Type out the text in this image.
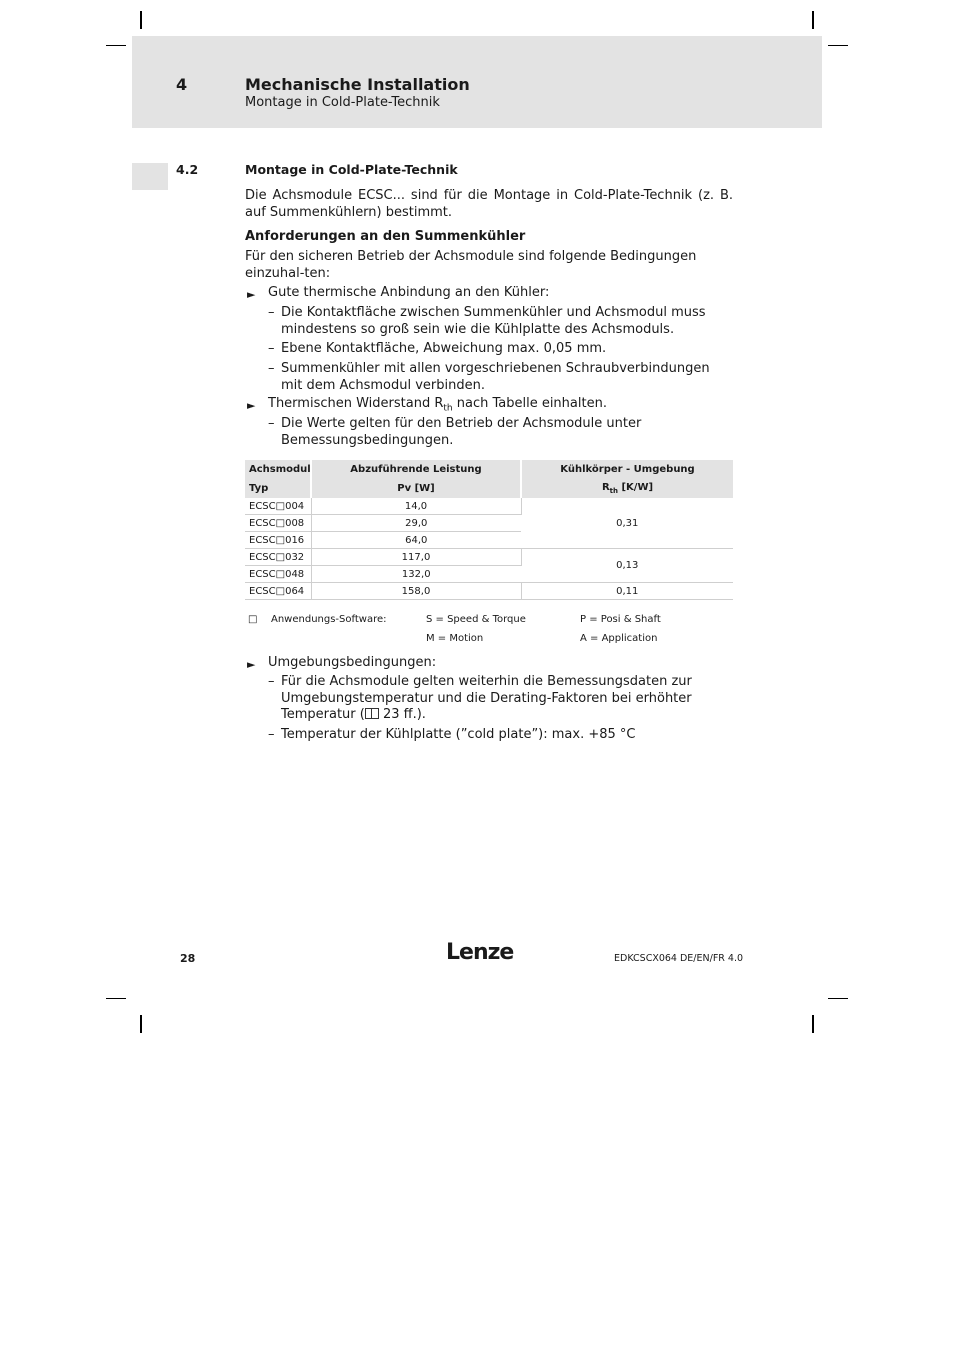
4	Mechanische Installation
Montage in Cold-Plate-Technik
4.2	Montage in Cold-Plate-Technik
Die Achsmodule ECSC... sind für die Montage in Cold-Plate-Technik (z. B. auf Summenkühlern) bestimmt.
Anforderungen an den Summenkühler
Für den sicheren Betrieb der Achsmodule sind folgende Bedingungen einzuhal-ten:
► Gute thermische Anbindung an den Kühler:
– Die Kontaktfläche zwischen Summenkühler und Achsmodul muss mindestens so groß sein wie die Kühlplatte des Achsmoduls.
– Ebene Kontaktfläche, Abweichung max. 0,05 mm.
– Summenkühler mit allen vorgeschriebenen Schraubverbindungen mit dem Achsmodul verbinden.
► Thermischen Widerstand $R_{th}$ nach Tabelle einhalten.
– Die Werte gelten für den Betrieb der Achsmodule unter Bemessungsbedingungen.
Achsmodul	Abzuführende Leistung	Kühlkörper - Umgebung
Typ	Pv [W]	$R_{th}$ [K/W]
ECSC□004	14,0	0,31
ECSC□008	29,0	
ECSC□016	64,0	
ECSC□032	117,0	0,13
ECSC□048	132,0	
ECSC□064	158,0	0,11
□ Anwendungs-Software:	S = Speed & Torque	P = Posi & Shaft
M = Motion	A = Application
► Umgebungsbedingungen:
– Für die Achsmodule gelten weiterhin die Bemessungsdaten zur Umgebungstemperatur und die Derating-Faktoren bei erhöhter Temperatur ( 23 ff.).
– Temperatur der Kühlplatte (”cold plate”): max. +85 °C
28	Lenze	EDKCSCX064 DE/EN/FR 4.0
